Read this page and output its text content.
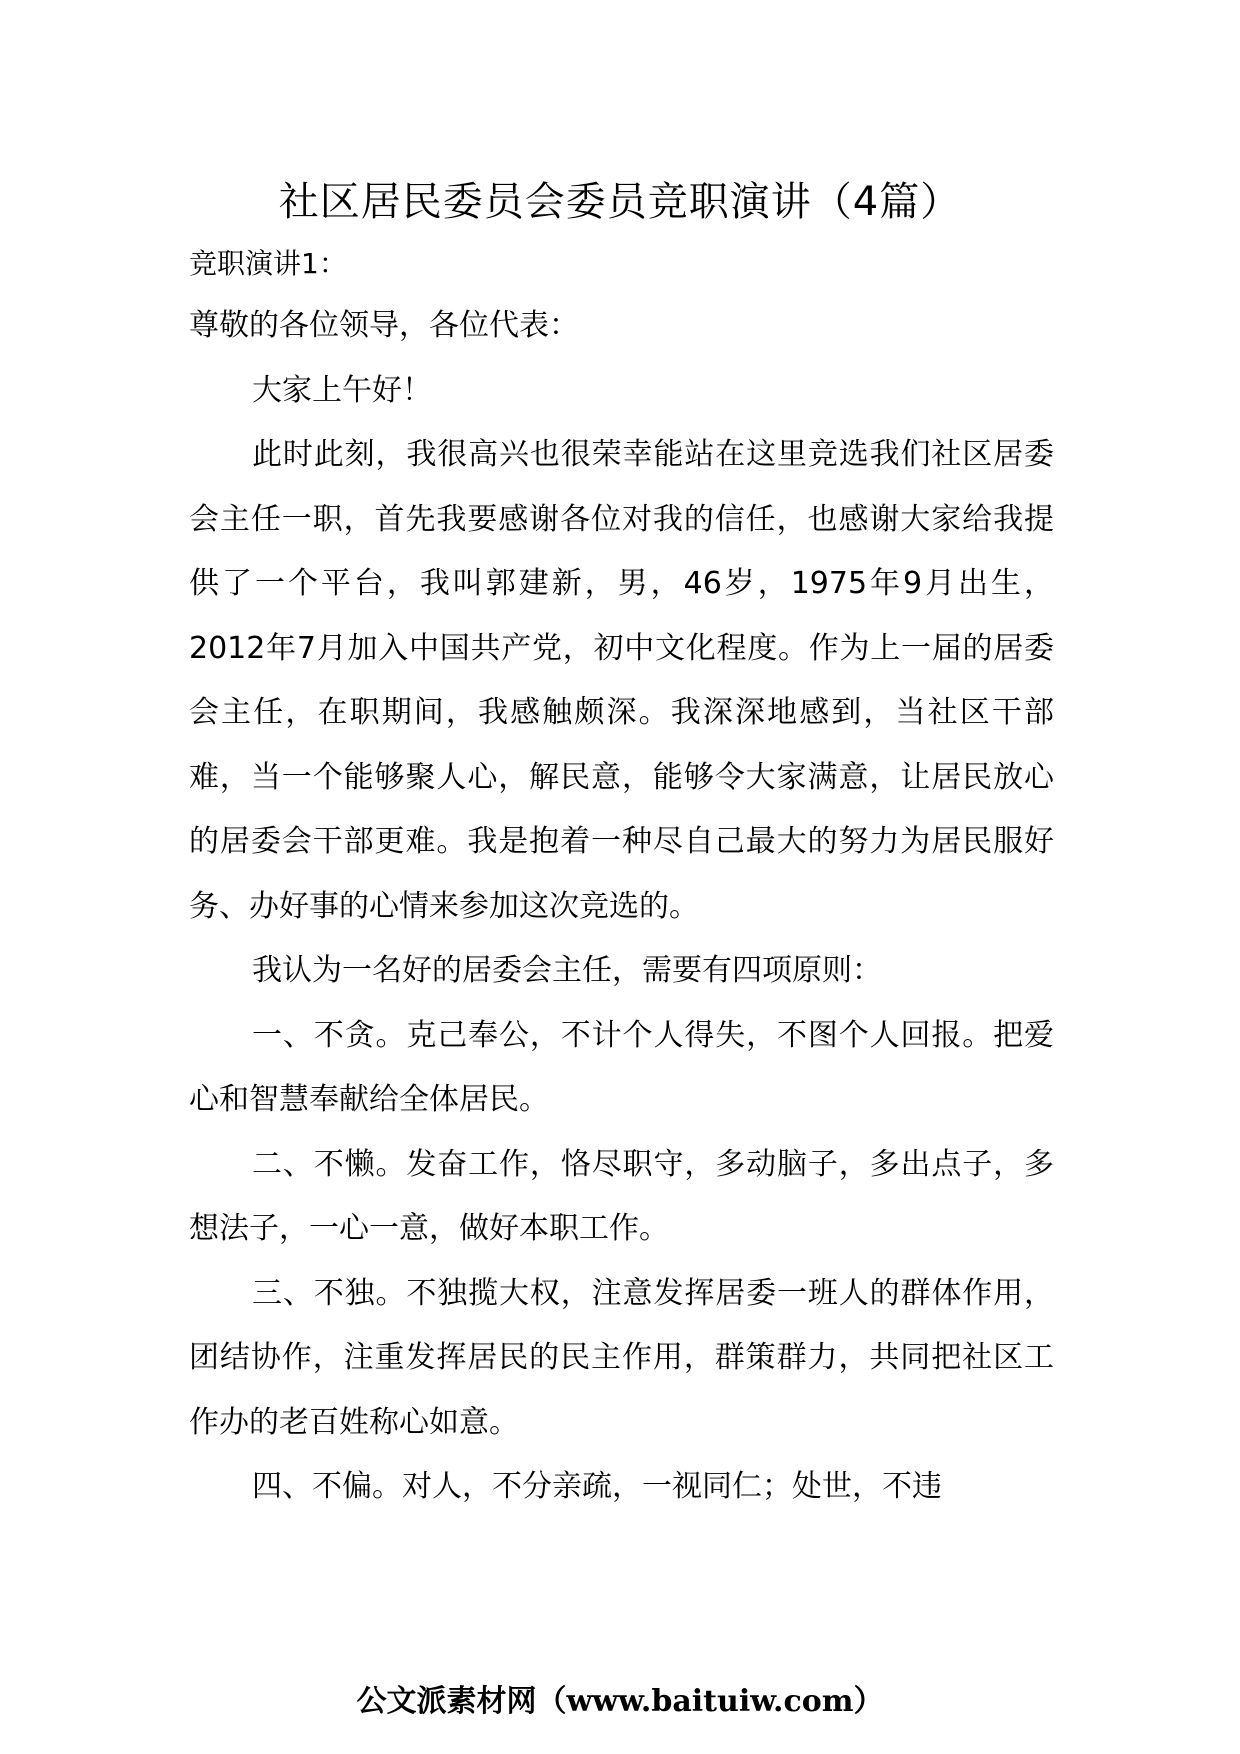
社区居民委员会委员竞职演讲（4篇）

竞职演讲1：

尊敬的各位领导，各位代表：

大家上午好！

此时此刻，我很高兴也很荣幸能站在这里竞选我们社区居委会主任一职，首先我要感谢各位对我的信任，也感谢大家给我提供了一个平台，我叫郭建新，男，46岁，1975年9月出生，2012年7月加入中国共产党，初中文化程度。作为上一届的居委会主任，在职期间，我感触颇深。我深深地感到，当社区干部难，当一个能够聚人心，解民意，能够令大家满意，让居民放心的居委会干部更难。我是抱着一种尽自己最大的努力为居民服好务、办好事的心情来参加这次竞选的。

我认为一名好的居委会主任，需要有四项原则：

一、不贪。克己奉公，不计个人得失，不图个人回报。把爱心和智慧奉献给全体居民。

二、不懒。发奋工作，恪尽职守，多动脑子，多出点子，多想法子，一心一意，做好本职工作。

三、不独。不独揽大权，注意发挥居委一班人的群体作用，团结协作，注重发挥居民的民主作用，群策群力，共同把社区工作办的老百姓称心如意。

四、不偏。对人，不分亲疏，一视同仁；处世，不违

公文派素材网（www.baituiw.com）
